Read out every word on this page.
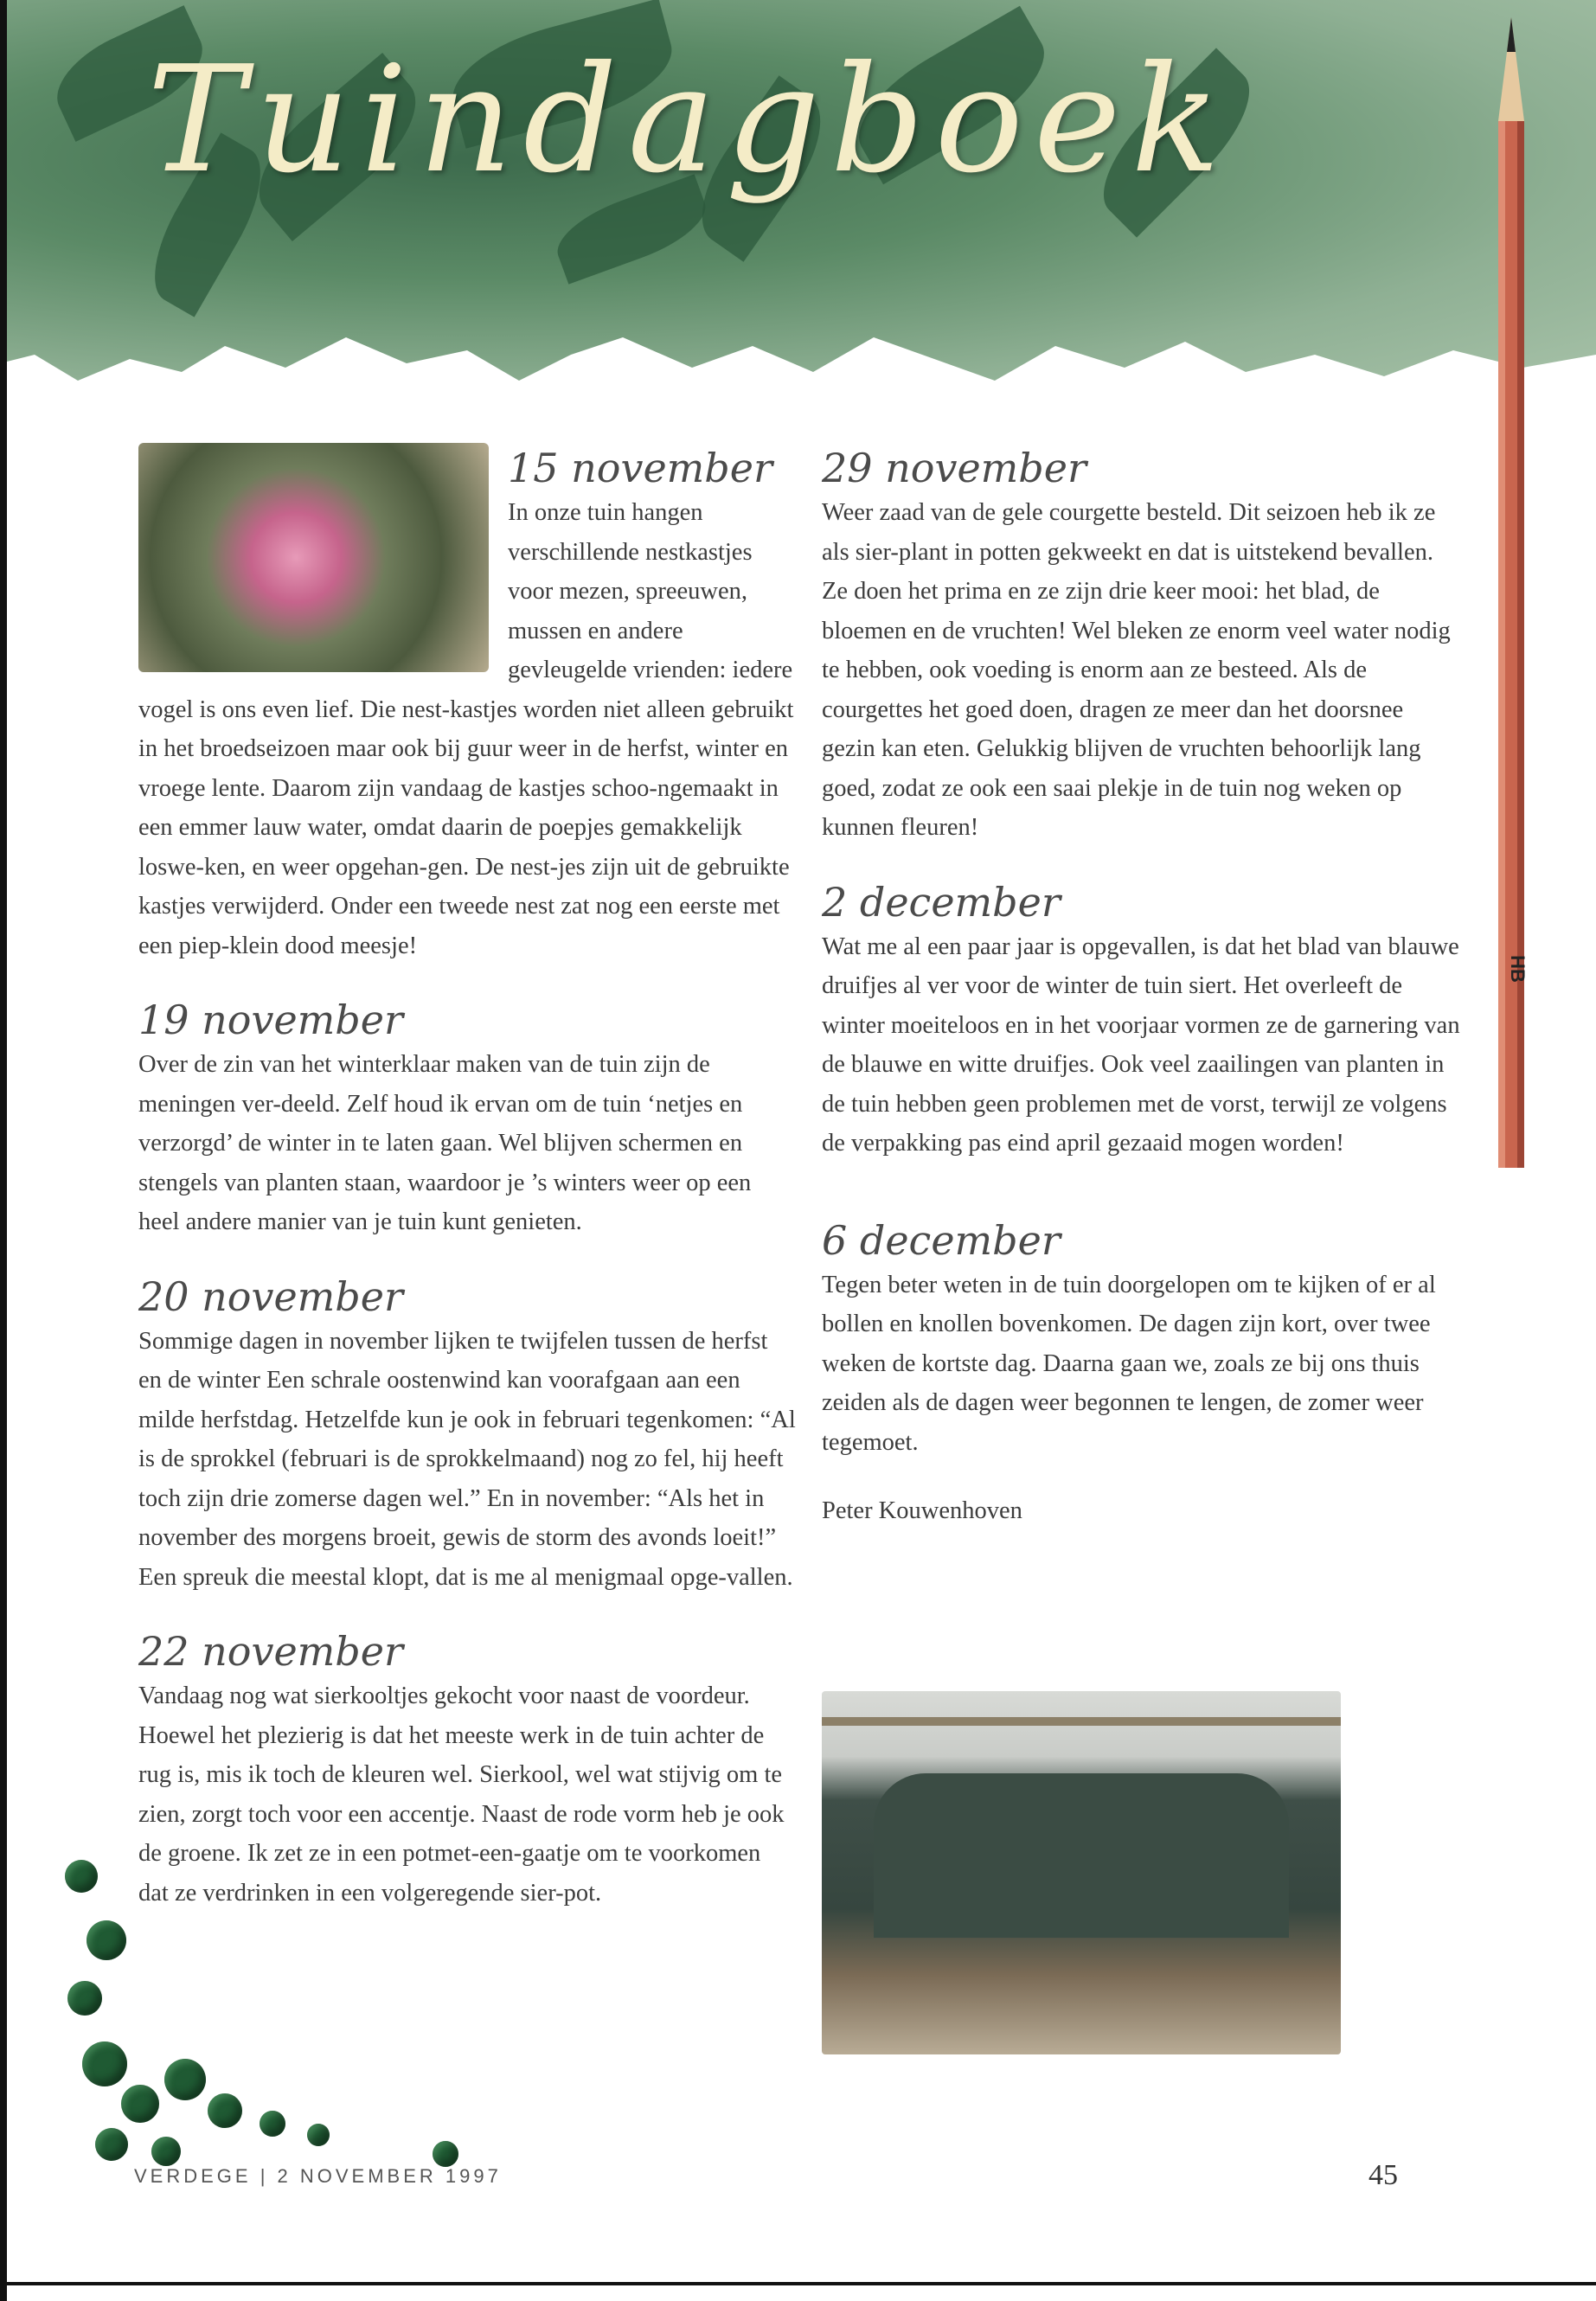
Tuindagboek
HB
15 november

In onze tuin hangen verschillende nestkastjes voor mezen, spreeuwen, mussen en andere gevleugelde vrienden: iedere vogel is ons even lief. Die nest-kastjes worden niet alleen gebruikt in het broedseizoen maar ook bij guur weer in de herfst, winter en vroege lente. Daarom zijn vandaag de kastjes schoo-ngemaakt in een emmer lauw water, omdat daarin de poepjes gemakkelijk loswe-ken, en weer opgehan-gen. De nest-jes zijn uit de gebruikte kastjes verwijderd. Onder een tweede nest zat nog een eerste met een piep-klein dood meesje!

19 november

Over de zin van het winterklaar maken van de tuin zijn de meningen ver-deeld. Zelf houd ik ervan om de tuin ‘netjes en verzorgd’ de winter in te laten gaan. Wel blijven schermen en stengels van planten staan, waardoor je ’s winters weer op een heel andere manier van je tuin kunt genieten.

20 november

Sommige dagen in november lijken te twijfelen tussen de herfst en de winter Een schrale oostenwind kan voorafgaan aan een milde herfstdag. Hetzelfde kun je ook in februari tegenkomen: “Al is de sprokkel (februari is de sprokkelmaand) nog zo fel, hij heeft toch zijn drie zomerse dagen wel.” En in november: “Als het in november des morgens broeit, gewis de storm des avonds loeit!” Een spreuk die meestal klopt, dat is me al menigmaal opge-vallen.

22 november

Vandaag nog wat sierkooltjes gekocht voor naast de voordeur. Hoewel het plezierig is dat het meeste werk in de tuin achter de rug is, mis ik toch de kleuren wel. Sierkool, wel wat stijvig om te zien, zorgt toch voor een accentje. Naast de rode vorm heb je ook de groene. Ik zet ze in een potmet-een-gaatje om te voorkomen dat ze verdrinken in een volgeregende sier-pot.

29 november

Weer zaad van de gele courgette besteld. Dit seizoen heb ik ze als sier-plant in potten gekweekt en dat is uitstekend bevallen. Ze doen het prima en ze zijn drie keer mooi: het blad, de bloemen en de vruchten! Wel bleken ze enorm veel water nodig te hebben, ook voeding is enorm aan ze besteed. Als de courgettes het goed doen, dragen ze meer dan het doorsnee gezin kan eten. Gelukkig blijven de vruchten behoorlijk lang goed, zodat ze ook een saai plekje in de tuin nog weken op kunnen fleuren!

2 december

Wat me al een paar jaar is opgevallen, is dat het blad van blauwe druifjes al ver voor de winter de tuin siert. Het overleeft de winter moeiteloos en in het voorjaar vormen ze de garnering van de blauwe en witte druifjes. Ook veel zaailingen van planten in de tuin hebben geen problemen met de vorst, terwijl ze volgens de verpakking pas eind april gezaaid mogen worden!

6 december

Tegen beter weten in de tuin doorgelopen om te kijken of er al bollen en knollen bovenkomen. De dagen zijn kort, over twee weken de kortste dag. Daarna gaan we, zoals ze bij ons thuis zeiden als de dagen weer begonnen te lengen, de zomer weer tegemoet.

Peter Kouwenhoven

VERDEGE | 2 NOVEMBER 1997	45
